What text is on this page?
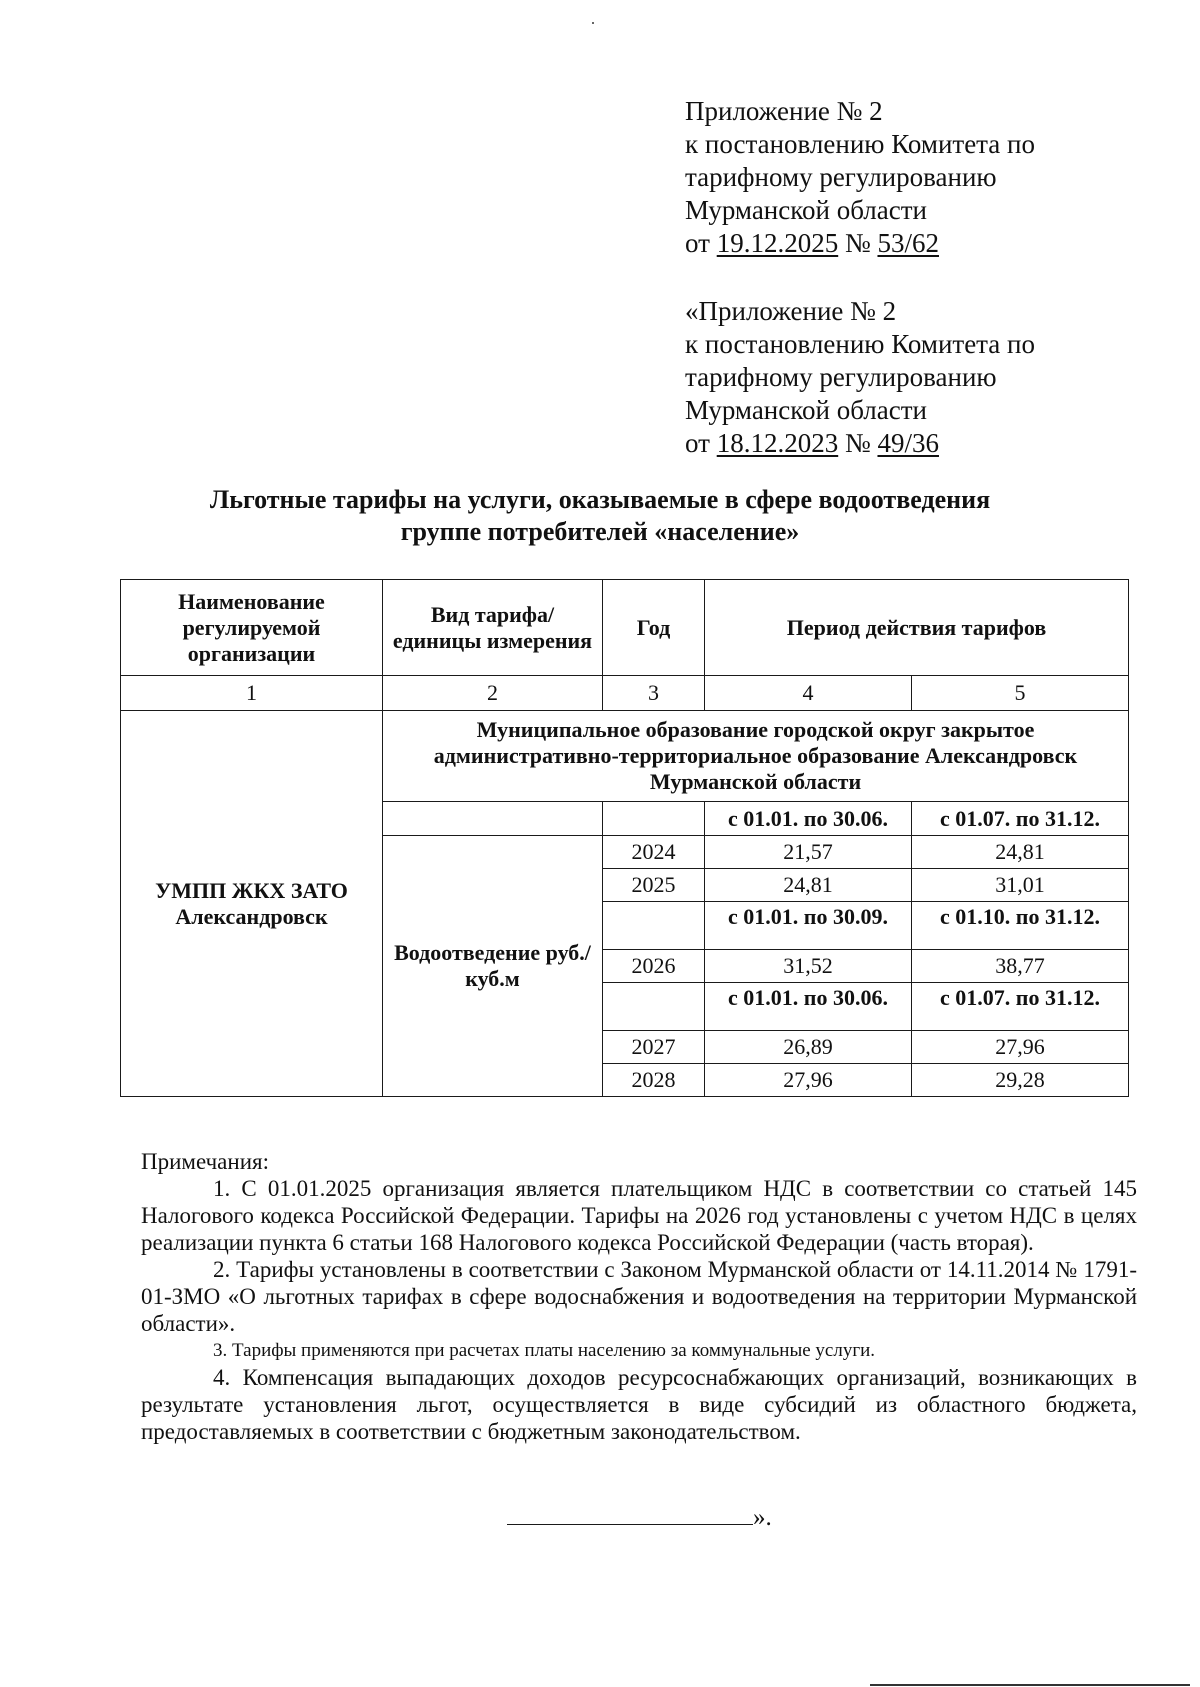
Приложение № 2
к постановлению Комитета по
тарифному регулированию
Мурманской области
от 19.12.2025 № 53/62
«Приложение № 2
к постановлению Комитета по
тарифному регулированию
Мурманской области
от 18.12.2023 № 49/36
Льготные тарифы на услуги, оказываемые в сфере водоотведения
группе потребителей «население»
Наименование регулируемой организации	Вид тарифа/единицы измерения	Год	Период действия тарифов	
1	2	3	4	5
УМПП ЖКХ ЗАТО Александровск	Муниципальное образование городской округ закрытое административно-территориальное образование Александровск Мурманской области			
			с 01.01. по 30.06.	с 01.07. по 31.12.
	Водоотведение руб./куб.м	2024	21,57	24,81
		2025	24,81	31,01
			с 01.01. по 30.09.	с 01.10. по 31.12.
		2026	31,52	38,77
			с 01.01. по 30.06.	с 01.07. по 31.12.
		2027	26,89	27,96
		2028	27,96	29,28

Примечания:

1. С 01.01.2025 организация является плательщиком НДС в соответствии со статьей 145 Налогового кодекса Российской Федерации. Тарифы на 2026 год установлены с учетом НДС в целях реализации пункта 6 статьи 168 Налогового кодекса Российской Федерации (часть вторая).

2. Тарифы установлены в соответствии с Законом Мурманской области от 14.11.2014 № 1791-01-ЗМО «О льготных тарифах в сфере водоснабжения и водоотведения на территории Мурманской области».

3. Тарифы применяются при расчетах платы населению за коммунальные услуги.

4. Компенсация выпадающих доходов ресурсоснабжающих организаций, возникающих в результате установления льгот, осуществляется в виде субсидий из областного бюджета, предоставляемых в соответствии с бюджетным законодательством.

».
